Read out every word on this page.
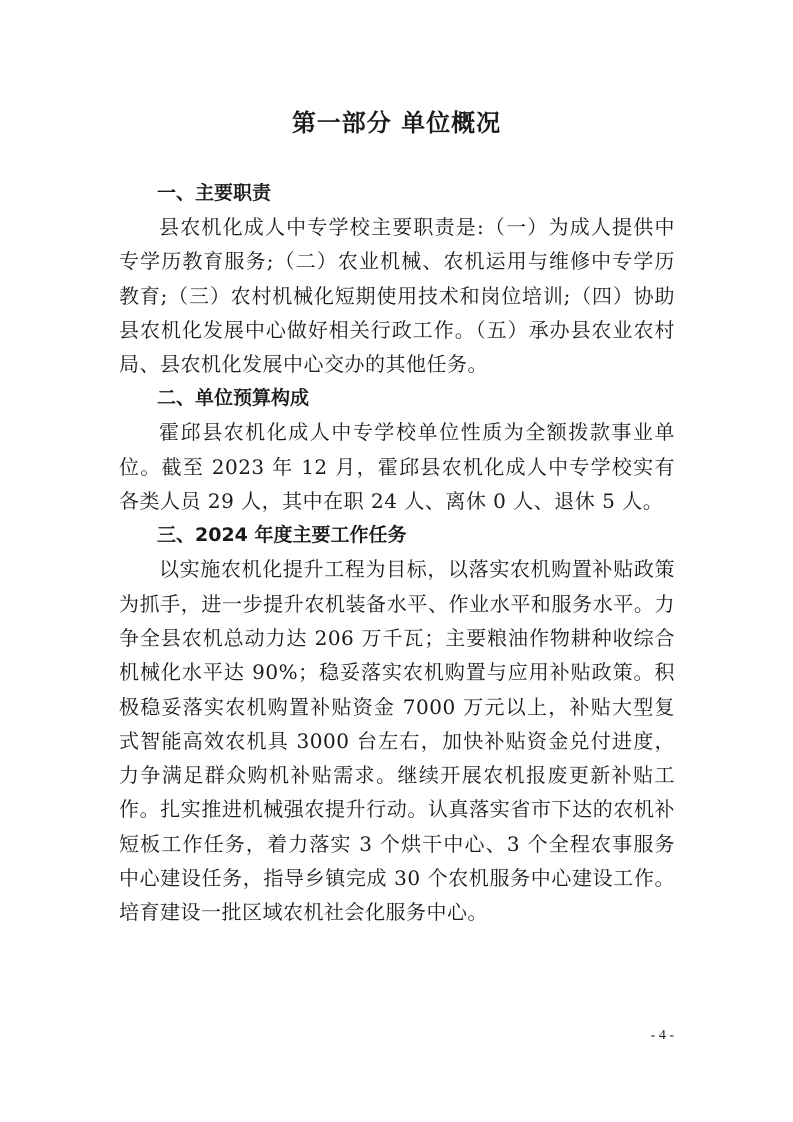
第一部分 单位概况
一、主要职责

县农机化成人中专学校主要职责是:（一）为成人提供中专学历教育服务;（二）农业机械、农机运用与维修中专学历教育;（三）农村机械化短期使用技术和岗位培训;（四）协助县农机化发展中心做好相关行政工作。（五）承办县农业农村局、县农机化发展中心交办的其他任务。

二、单位预算构成

霍邱县农机化成人中专学校单位性质为全额拨款事业单位。截至 2023 年 12 月，霍邱县农机化成人中专学校实有各类人员 29 人，其中在职 24 人、离休 0 人、退休 5 人。

三、2024 年度主要工作任务

以实施农机化提升工程为目标，以落实农机购置补贴政策为抓手，进一步提升农机装备水平、作业水平和服务水平。力争全县农机总动力达 206 万千瓦；主要粮油作物耕种收综合机械化水平达 90%；稳妥落实农机购置与应用补贴政策。积极稳妥落实农机购置补贴资金 7000 万元以上，补贴大型复式智能高效农机具 3000 台左右，加快补贴资金兑付进度，力争满足群众购机补贴需求。继续开展农机报废更新补贴工作。扎实推进机械强农提升行动。认真落实省市下达的农机补短板工作任务，着力落实 3 个烘干中心、3 个全程农事服务中心建设任务，指导乡镇完成 30 个农机服务中心建设工作。培育建设一批区域农机社会化服务中心。

- 4 -
